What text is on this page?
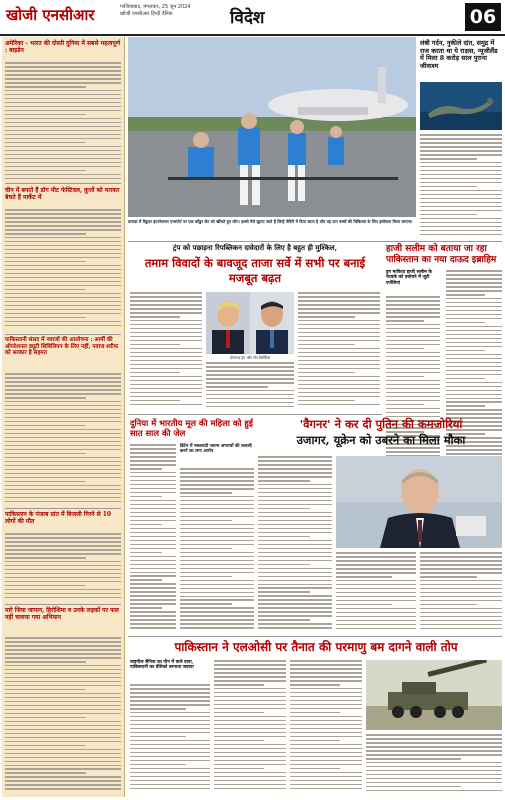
खोजी एनसीआर	गाजियाबाद, मंगलवार, 25 जून 2024
खोजी एनसीआर हिन्दी दैनिक	विदेश	06
अमेरिका - भारत की दोस्ती दुनिया में सबसे महत्वपूर्ण : बाइडेन
चीन में बनाते हैं डॉग मीट फेस्टिवल, कुत्तों को मारकर बेचते हैं मार्केट में
पाकिस्तानी संसद में नवाजों की आलोचना : आर्मी की ऑपरेशनल ड्यूटी सिविलियन के लिए नहीं, नवाज शरीफ को सरकार है सहमत
पाकिस्तान के पंजाब प्रांत में बिजली गिरने से 10 लोगों की मौत
मारे जिया जापान, हिरोशिमा व उनके लड़कों पर फल नहीं चलाया गया अभियान
कनाडा में वैंकूवर इंटरनेशनल एयरपोर्ट पर एक कोंडुर जेट को खींचते हुए लोग। इससे पैसे जुटाए जाते हैं जिन्हें चैरिटी में दिया जाता है और वह दान बच्चों की चिकित्सा के लिए इस्तेमाल किया जाएगा।
लंबी गर्दन, नुकीले दांत, समुद्र में राज करता था ये राक्षस, न्यूजीलैंड में मिला 8 करोड़ साल पुराना जीवाश्म
ट्रंप को पछाड़ना रिपब्लिकन दावेदारों के लिए है बहुत ही मुश्किल,
तमाम विवादों के बावजूद ताजा सर्वे में सभी पर बनाई मजबूत बढ़त
डोनाल्ड ट्रंप और रॉन डिसेंटिस
हाजी सलीम को बताया जा रहा पाकिस्तान का नया दाऊद इब्राहिम
ड्रग माफिया हाजी सलीम के नेटवर्क को दबोचने में जुटी एजेंसियां
दुनिया में भारतीय मूल की महिला को हुई सात साल की जेल
ब्रिटेन में नस्लवादी जघन्य अपराधों की तलाशी करने का लगा आरोप
'वैगनर' ने कर दी पुतिन की कमजोरियां
उजागर, यूक्रेन को उबरने का मिला मौका
पाकिस्तान ने एलओसी पर तैनात की परमाणु बम दागने वाली तोप
चाइनीज सैनिक का पीन में वाले दाया, पाकिस्तानी का वेशिको बरनाया जवाया
